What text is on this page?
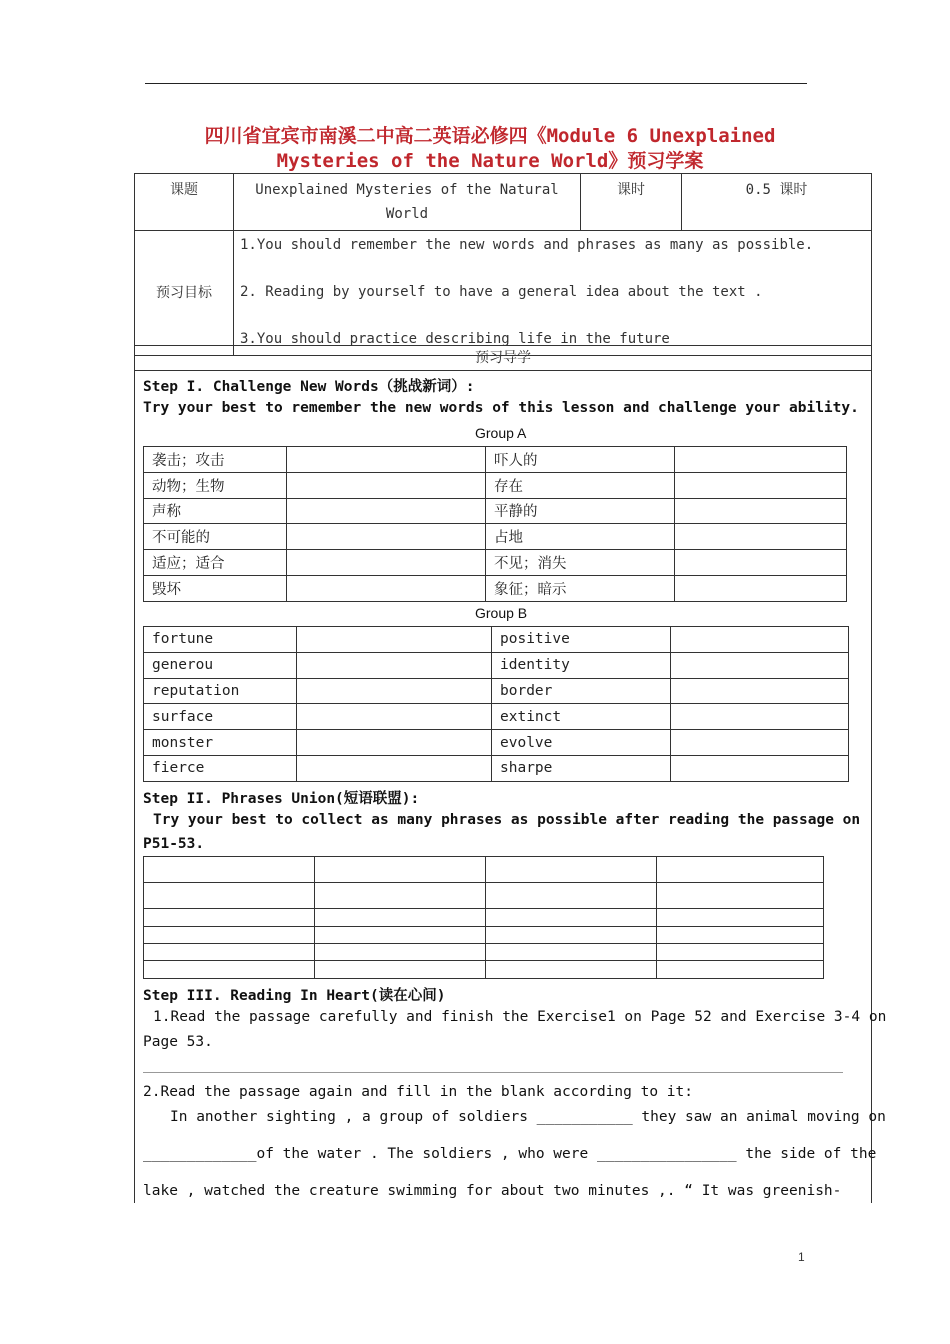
四川省宜宾市南溪二中高二英语必修四《Module 6 Unexplained
Mysteries of the Nature World》预习学案
课题	Unexplained Mysteries of the Natural
World	课时	0.5 课时
预习目标	1.You should remember the new words and phrases as many as possible.
2. Reading by yourself to have a general idea about the text .
3.You should practice describing life in the future		
预习导学
Step I. Challenge New Words（挑战新词）:
Try your best to remember the new words of this lesson and challenge your ability.
Group A
袭击；攻击		吓人的	
动物；生物		存在	
声称		平静的	
不可能的		占地	
适应；适合		不见；消失	
毁坏		象征；暗示	
Group B
fortune		positive	
generou		identity	
reputation		border	
surface		extinct	
monster		evolve	
fierce		sharpe	
Step II. Phrases Union(短语联盟):
Try your best to collect as many phrases as possible after reading the passage on
P51-53.

Step III. Reading In Heart(读在心间)
1.Read the passage carefully and finish the Exercise1 on Page 52 and Exercise 3-4 on
Page 53.
2.Read the passage again and fill in the blank according to it:
In another sighting , a group of soldiers ___________ they saw an animal moving on
_____________of the water . The soldiers , who were ________________ the side of the
lake , watched the creature swimming for about two minutes ,. “ It was greenish-
1
